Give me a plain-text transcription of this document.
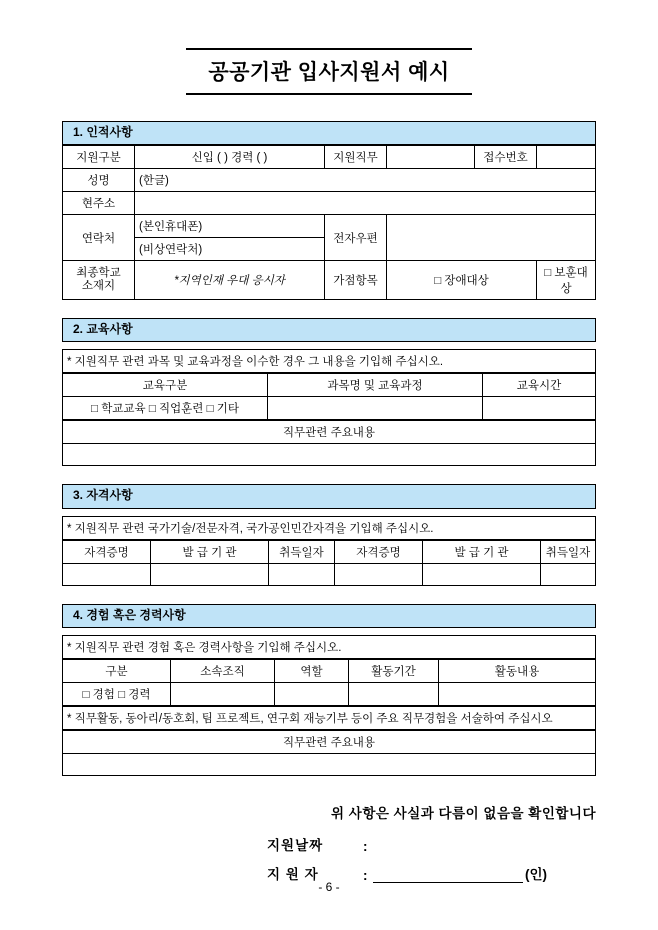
공공기관 입사지원서 예시
1. 인적사항
지원구분	신입 ( ) 경력 ( )	지원직무		접수번호	
성명	(한글)				
현주소					
연락처	(본인휴대폰)	전자우편			
	(비상연락처)				
최종학교
소재지	*지역인재 우대 응시자	가점항목	□ 장애대상		□ 보훈대상
2. 교육사항
* 지원직무 관련 과목 및 교육과정을 이수한 경우 그 내용을 기입해 주십시오.
교육구분	과목명 및 교육과정	교육시간
□ 학교교육 □ 직업훈련 □ 기타		
직무관련 주요내용

3. 자격사항
* 지원직무 관련 국가기술/전문자격, 국가공인민간자격을 기입해 주십시오.
자격증명	발 급 기 관	취득일자	자격증명	발 급 기 관	취득일자

4. 경험 혹은 경력사항
* 지원직무 관련 경험 혹은 경력사항을 기입해 주십시오.
구분	소속조직	역할	활동기간	활동내용
□ 경험 □ 경력				
* 직무활동, 동아리/동호회, 팀 프로젝트, 연구회 재능기부 등이 주요 직무경험을 서술하여 주십시오
직무관련 주요내용

위 사항은 사실과 다름이 없음을 확인합니다
지원날짜	:
지 원 자	:	(인)
- 6 -
